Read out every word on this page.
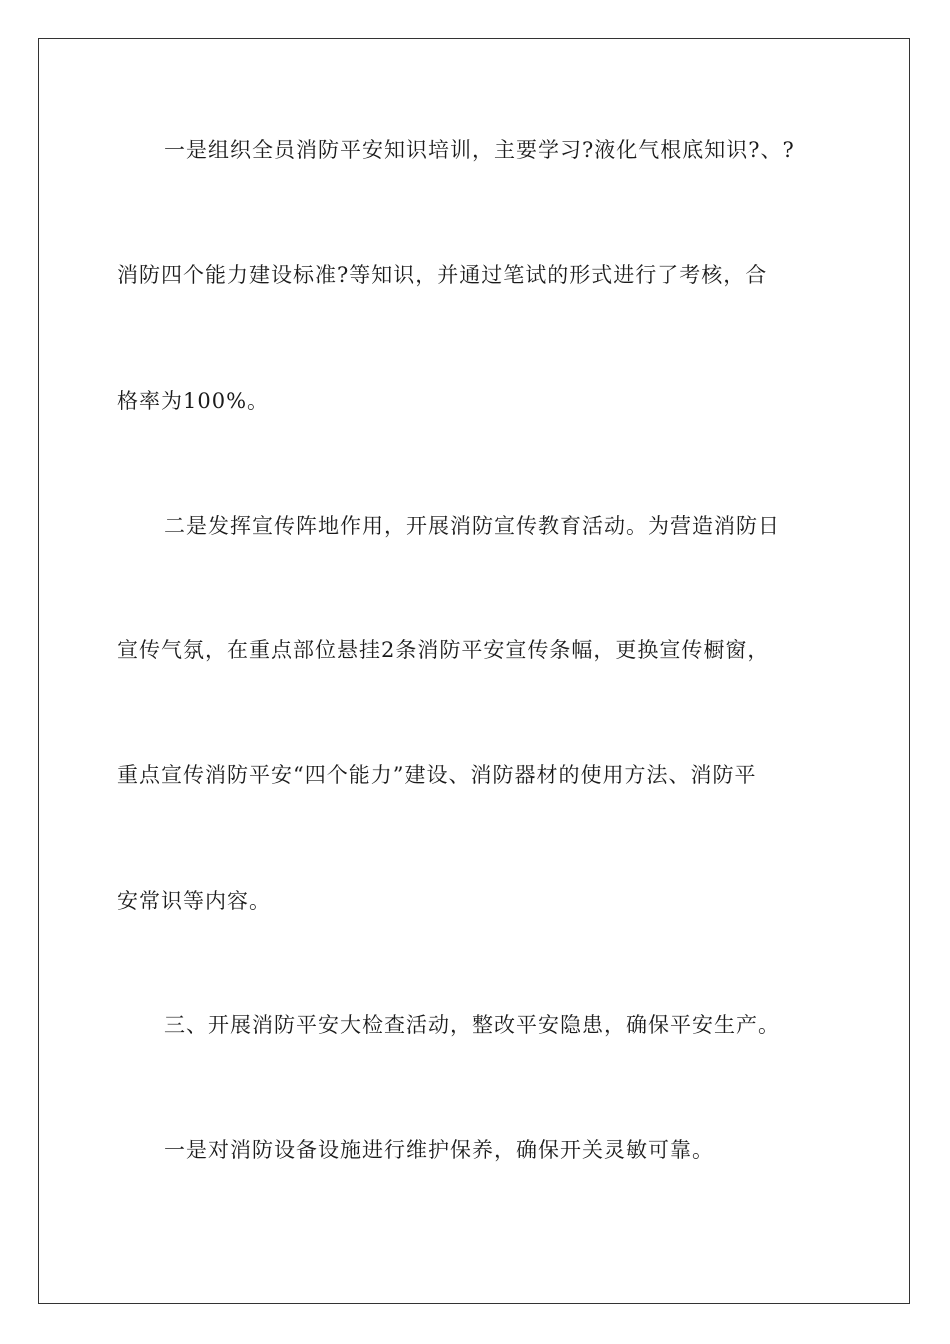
一是组织全员消防平安知识培训，主要学习?液化气根底知识?、?
消防四个能力建设标准?等知识，并通过笔试的形式进行了考核，合
格率为100%。
二是发挥宣传阵地作用，开展消防宣传教育活动。为营造消防日
宣传气氛，在重点部位悬挂2条消防平安宣传条幅，更换宣传橱窗，
重点宣传消防平安“四个能力”建设、消防器材的使用方法、消防平
安常识等内容。
三、开展消防平安大检查活动，整改平安隐患，确保平安生产。
一是对消防设备设施进行维护保养，确保开关灵敏可靠。
